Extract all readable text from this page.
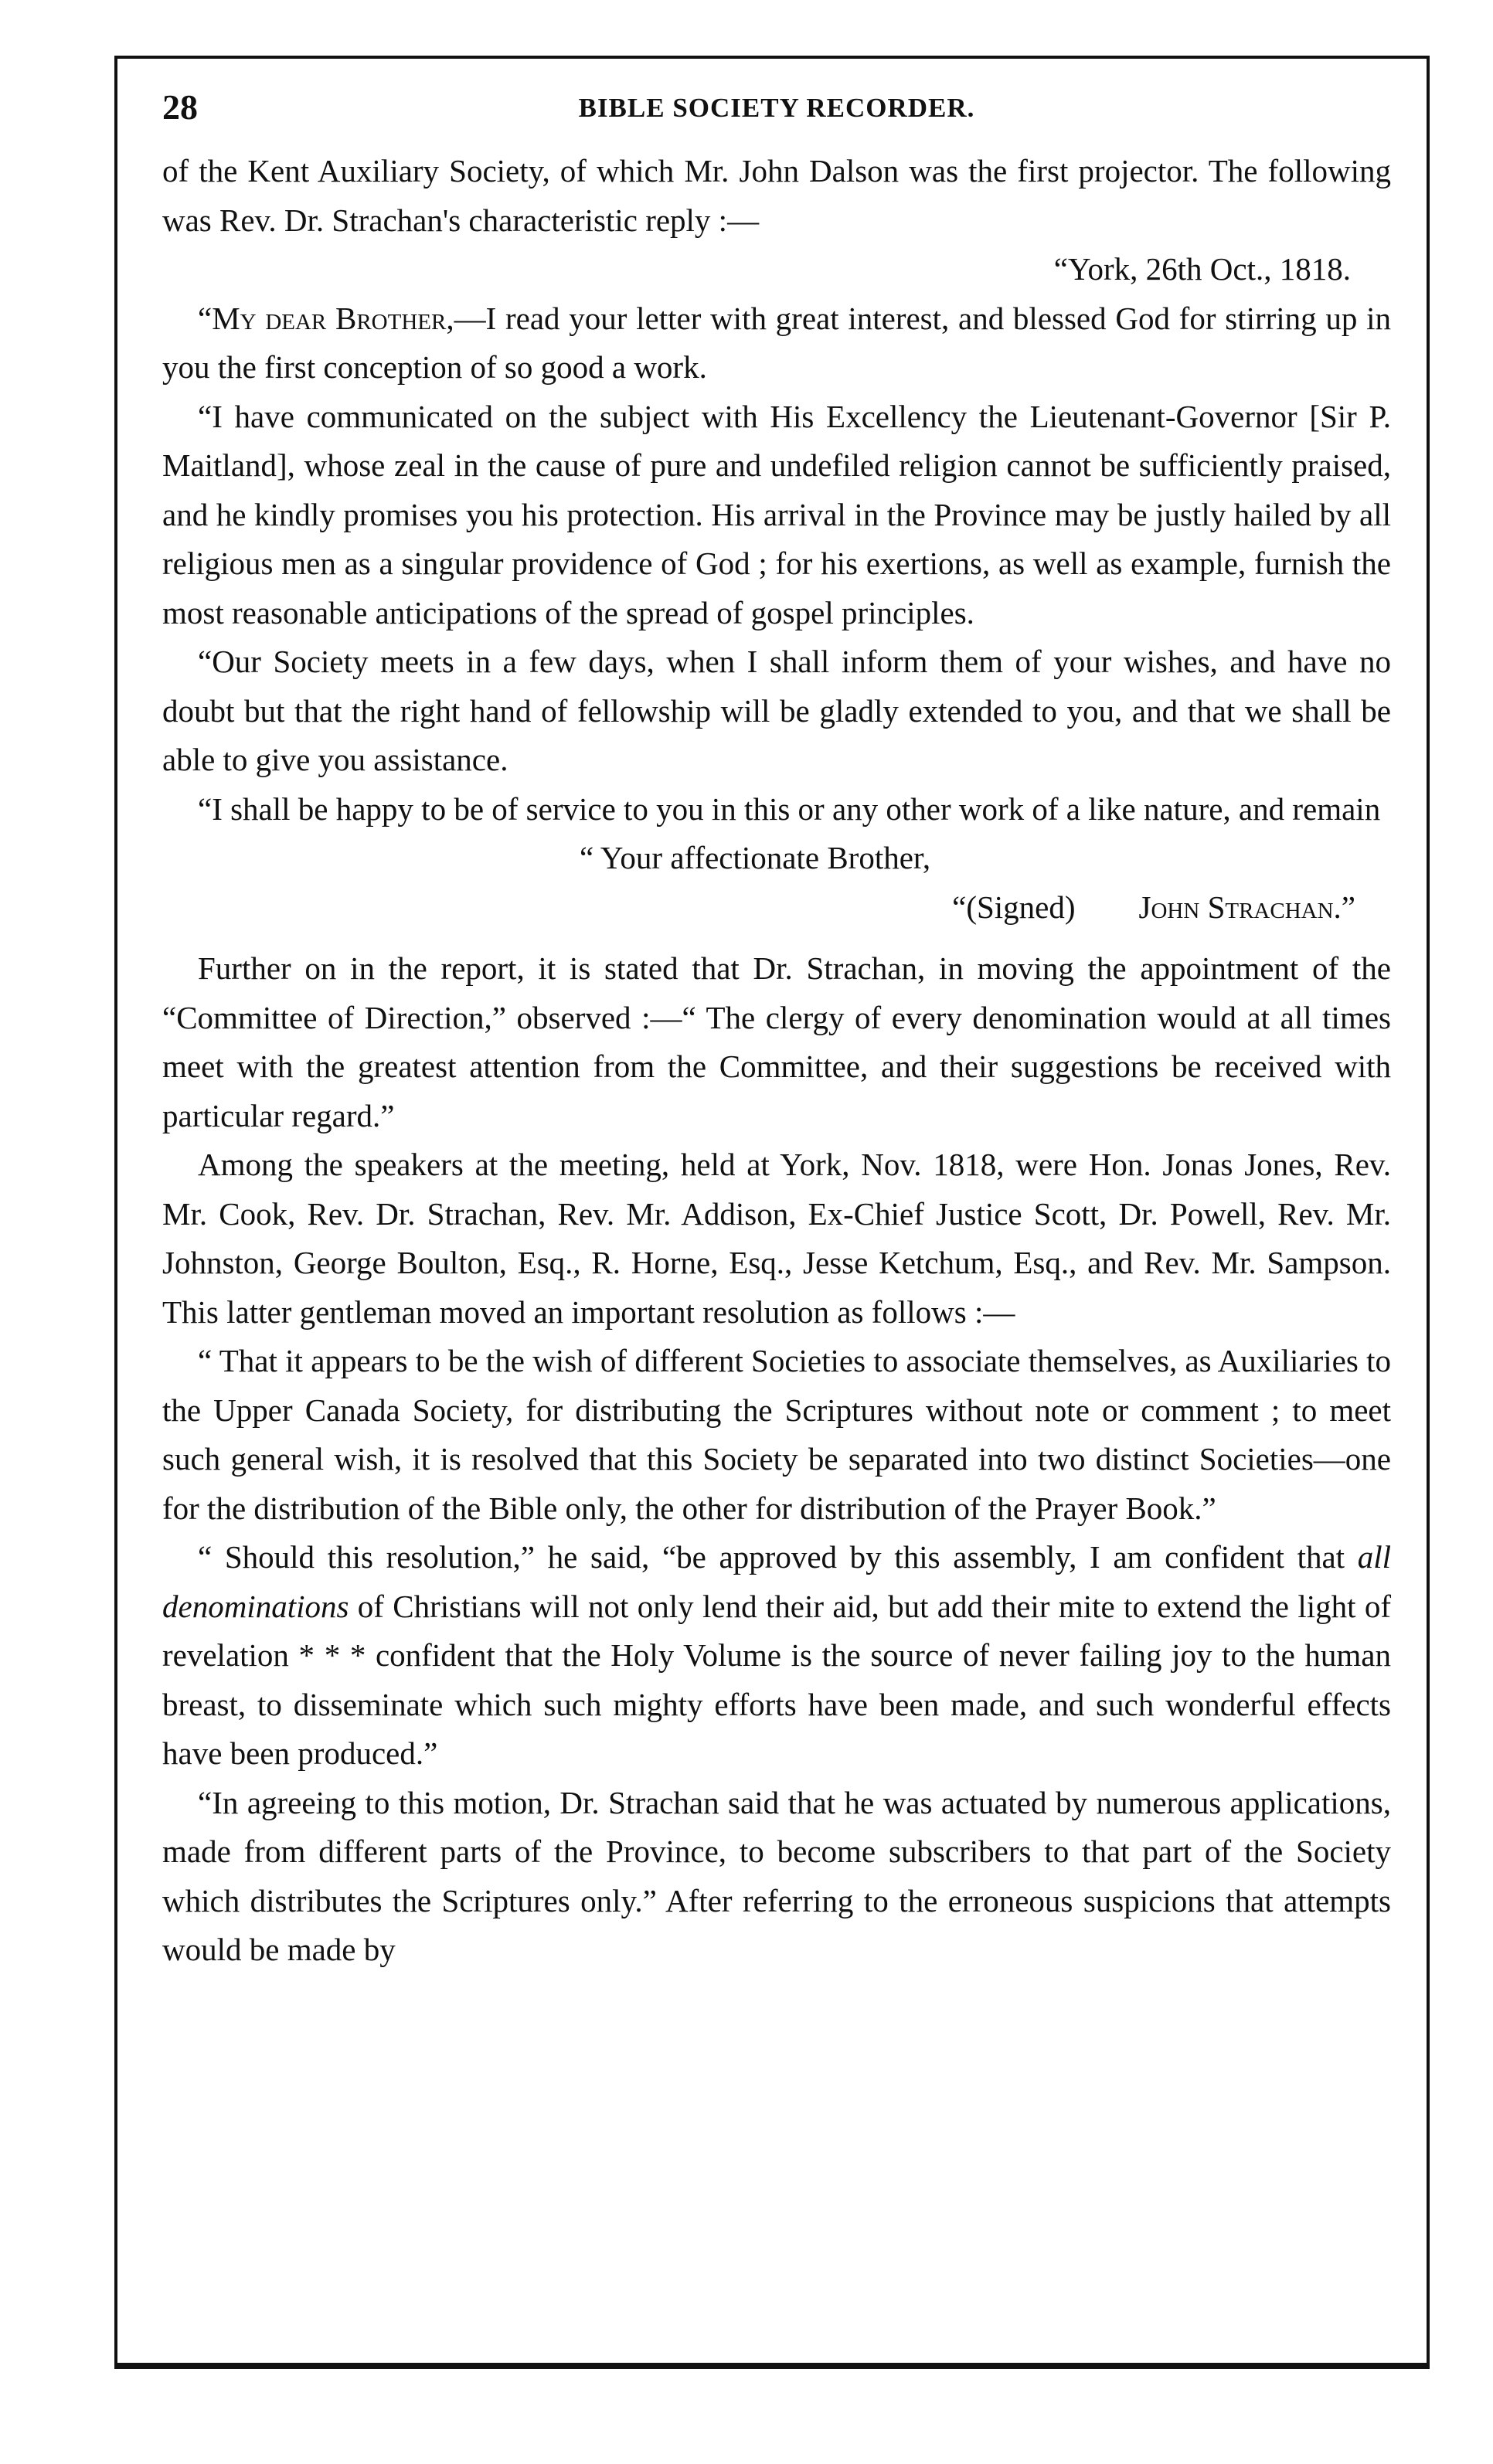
28	BIBLE SOCIETY RECORDER.

of the Kent Auxiliary Society, of which Mr. John Dalson was the first projector. The following was Rev. Dr. Strachan's characteristic reply :—

“York, 26th Oct., 1818.

“My dear Brother,—I read your letter with great interest, and blessed God for stirring up in you the first conception of so good a work.

“I have communicated on the subject with His Excellency the Lieutenant-Governor [Sir P. Maitland], whose zeal in the cause of pure and undefiled religion cannot be sufficiently praised, and he kindly promises you his protection. His arrival in the Province may be justly hailed by all religious men as a singular providence of God ; for his exertions, as well as example, furnish the most reasonable anticipations of the spread of gospel principles.

“Our Society meets in a few days, when I shall inform them of your wishes, and have no doubt but that the right hand of fellowship will be gladly extended to you, and that we shall be able to give you assistance.

“I shall be happy to be of service to you in this or any other work of a like nature, and remain

“ Your affectionate Brother,

“(Signed) John Strachan.”

Further on in the report, it is stated that Dr. Strachan, in moving the appointment of the “Committee of Direction,” observed :—“ The clergy of every denomination would at all times meet with the greatest attention from the Committee, and their suggestions be received with particular regard.”

Among the speakers at the meeting, held at York, Nov. 1818, were Hon. Jonas Jones, Rev. Mr. Cook, Rev. Dr. Strachan, Rev. Mr. Addison, Ex-Chief Justice Scott, Dr. Powell, Rev. Mr. Johnston, George Boulton, Esq., R. Horne, Esq., Jesse Ketchum, Esq., and Rev. Mr. Sampson. This latter gentleman moved an important resolution as follows :—

“ That it appears to be the wish of different Societies to associate themselves, as Auxiliaries to the Upper Canada Society, for distributing the Scriptures without note or comment ; to meet such general wish, it is resolved that this Society be separated into two distinct Societies—one for the distribution of the Bible only, the other for distribution of the Prayer Book.”

“ Should this resolution,” he said, “be approved by this assembly, I am confident that all denominations of Christians will not only lend their aid, but add their mite to extend the light of revelation * * * confident that the Holy Volume is the source of never failing joy to the human breast, to disseminate which such mighty efforts have been made, and such wonderful effects have been produced.”

“In agreeing to this motion, Dr. Strachan said that he was actuated by numerous applications, made from different parts of the Province, to become subscribers to that part of the Society which distributes the Scriptures only.” After referring to the erroneous suspicions that attempts would be made by
